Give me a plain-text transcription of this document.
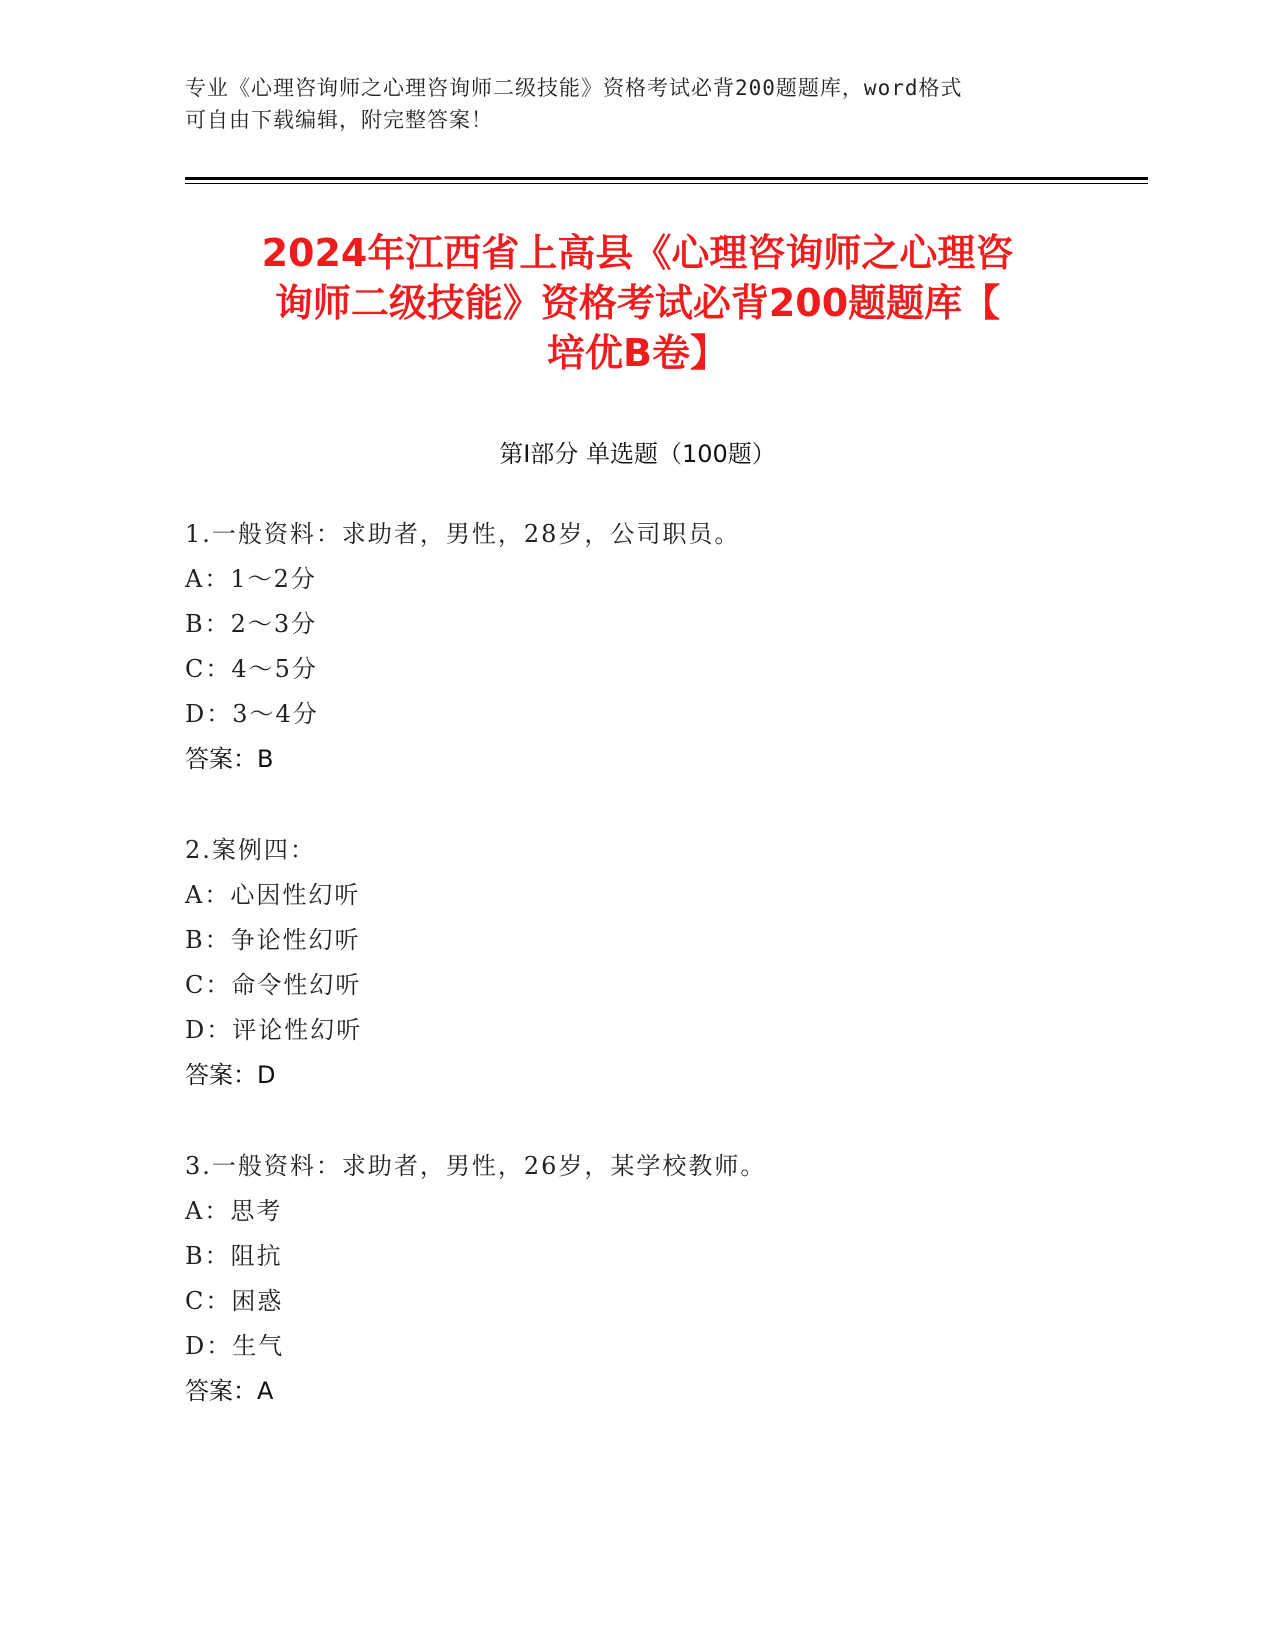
专业《心理咨询师之心理咨询师二级技能》资格考试必背200题题库，word格式
可自由下载编辑，附完整答案！
2024年江西省上高县《心理咨询师之心理咨
询师二级技能》资格考试必背200题题库【
培优B卷】
第I部分 单选题（100题）
1.一般资料：求助者，男性，28岁，公司职员。
A：1～2分
B：2～3分
C：4～5分
D：3～4分
答案：B
2.案例四：
A：心因性幻听
B：争论性幻听
C：命令性幻听
D：评论性幻听
答案：D
3.一般资料：求助者，男性，26岁，某学校教师。
A：思考
B：阻抗
C：困惑
D：生气
答案：A
